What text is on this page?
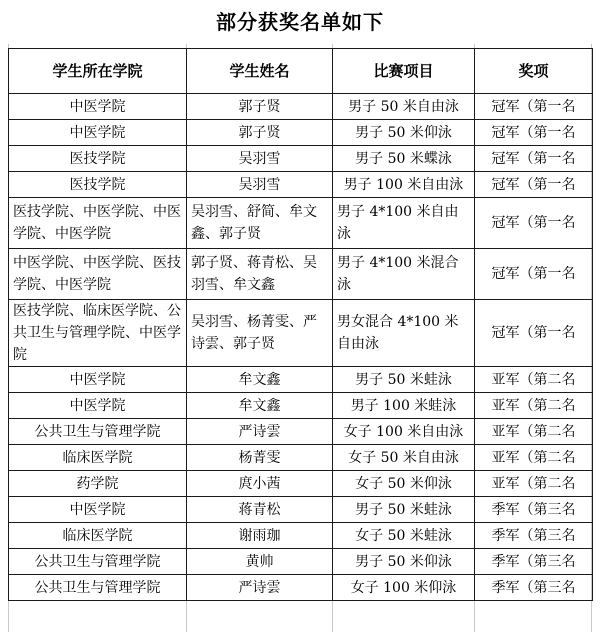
部分获奖名单如下
学生所在学院	学生姓名	比赛项目	奖项
中医学院	郭子贤	男子 50 米自由泳	冠军（第一名
中医学院	郭子贤	男子 50 米仰泳	冠军（第一名
医技学院	吴羽雪	男子 50 米蝶泳	冠军（第一名
医技学院	吴羽雪	男子 100 米自由泳	冠军（第一名
医技学院、中医学院、中医学院、中医学院	吴羽雪、舒简、牟文鑫、郭子贤	男子 4*100 米自由泳	冠军（第一名
中医学院、中医学院、医技学院、中医学院	郭子贤、蒋青松、吴羽雪、牟文鑫	男子 4*100 米混合泳	冠军（第一名
医技学院、临床医学院、公共卫生与管理学院、中医学院	吴羽雪、杨菁雯、严诗雲、郭子贤	男女混合 4*100 米自由泳	冠军（第一名
中医学院	牟文鑫	男子 50 米蛙泳	亚军（第二名
中医学院	牟文鑫	男子 100 米蛙泳	亚军（第二名
公共卫生与管理学院	严诗雲	女子 100 米自由泳	亚军（第二名
临床医学院	杨菁雯	女子 50 米自由泳	亚军（第二名
药学院	庹小茜	女子 50 米仰泳	亚军（第二名
中医学院	蒋青松	男子 50 米蛙泳	季军（第三名
临床医学院	谢雨珈	女子 50 米蛙泳	季军（第三名
公共卫生与管理学院	黄帅	男子 50 米仰泳	季军（第三名
公共卫生与管理学院	严诗雲	女子 100 米仰泳	季军（第三名
